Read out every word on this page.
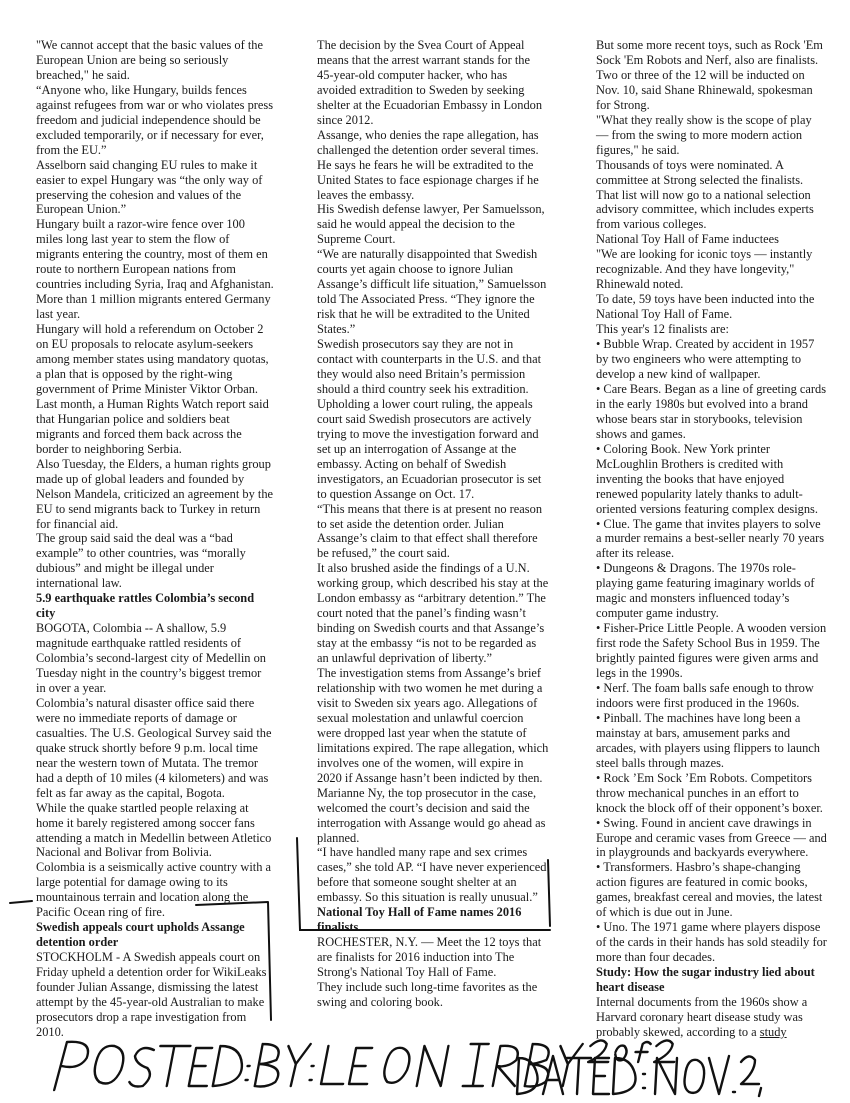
"We cannot accept that the basic values of the European Union are being so seriously breached," he said.

“Anyone who, like Hungary, builds fences against refugees from war or who violates press freedom and judicial independence should be excluded temporarily, or if necessary for ever, from the EU.”

Asselborn said changing EU rules to make it easier to expel Hungary was “the only way of preserving the cohesion and values of the European Union.”

Hungary built a razor-wire fence over 100 miles long last year to stem the flow of migrants entering the country, most of them en route to northern European nations from countries including Syria, Iraq and Afghanistan. More than 1 million migrants entered Germany last year.

Hungary will hold a referendum on October 2 on EU proposals to relocate asylum-seekers among member states using mandatory quotas, a plan that is opposed by the right-wing government of Prime Minister Viktor Orban.

Last month, a Human Rights Watch report said that Hungarian police and soldiers beat migrants and forced them back across the border to neighboring Serbia.

Also Tuesday, the Elders, a human rights group made up of global leaders and founded by Nelson Mandela, criticized an agreement by the EU to send migrants back to Turkey in return for financial aid.

The group said said the deal was a “bad example” to other countries, was “morally dubious” and might be illegal under international law.

5.9 earthquake rattles Colombia’s second city

BOGOTA, Colombia -- A shallow, 5.9 magnitude earthquake rattled residents of Colombia’s second-largest city of Medellin on Tuesday night in the country’s biggest tremor in over a year.

Colombia’s natural disaster office said there were no immediate reports of damage or casualties. The U.S. Geological Survey said the quake struck shortly before 9 p.m. local time near the western town of Mutata. The tremor had a depth of 10 miles (4 kilometers) and was felt as far away as the capital, Bogota.

While the quake startled people relaxing at home it barely registered among soccer fans attending a match in Medellin between Atletico Nacional and Bolivar from Bolivia.

Colombia is a seismically active country with a large potential for damage owing to its mountainous terrain and location along the Pacific Ocean ring of fire.

Swedish appeals court upholds Assange detention order

STOCKHOLM - A Swedish appeals court on Friday upheld a detention order for WikiLeaks founder Julian Assange, dismissing the latest attempt by the 45-year-old Australian to make prosecutors drop a rape investigation from 2010.

The decision by the Svea Court of Appeal means that the arrest warrant stands for the 45-year-old computer hacker, who has avoided extradition to Sweden by seeking shelter at the Ecuadorian Embassy in London since 2012.

Assange, who denies the rape allegation, has challenged the detention order several times. He says he fears he will be extradited to the United States to face espionage charges if he leaves the embassy.

His Swedish defense lawyer, Per Samuelsson, said he would appeal the decision to the Supreme Court.

“We are naturally disappointed that Swedish courts yet again choose to ignore Julian Assange’s difficult life situation,” Samuelsson told The Associated Press. “They ignore the risk that he will be extradited to the United States.”

Swedish prosecutors say they are not in contact with counterparts in the U.S. and that they would also need Britain’s permission should a third country seek his extradition.

Upholding a lower court ruling, the appeals court said Swedish prosecutors are actively trying to move the investigation forward and set up an interrogation of Assange at the embassy. Acting on behalf of Swedish investigators, an Ecuadorian prosecutor is set to question Assange on Oct. 17.

“This means that there is at present no reason to set aside the detention order. Julian Assange’s claim to that effect shall therefore be refused,” the court said.

It also brushed aside the findings of a U.N. working group, which described his stay at the London embassy as “arbitrary detention.” The court noted that the panel’s finding wasn’t binding on Swedish courts and that Assange’s stay at the embassy “is not to be regarded as an unlawful deprivation of liberty.”

The investigation stems from Assange’s brief relationship with two women he met during a visit to Sweden six years ago. Allegations of sexual molestation and unlawful coercion were dropped last year when the statute of limitations expired. The rape allegation, which involves one of the women, will expire in 2020 if Assange hasn’t been indicted by then.

Marianne Ny, the top prosecutor in the case, welcomed the court’s decision and said the interrogation with Assange would go ahead as planned.

“I have handled many rape and sex crimes cases,” she told AP. “I have never experienced before that someone sought shelter at an embassy. So this situation is really unusual.”

National Toy Hall of Fame names 2016 finalists

ROCHESTER, N.Y. — Meet the 12 toys that are finalists for 2016 induction into The Strong's National Toy Hall of Fame.

They include such long-time favorites as the swing and coloring book.

But some more recent toys, such as Rock 'Em Sock 'Em Robots and Nerf, also are finalists. Two or three of the 12 will be inducted on Nov. 10, said Shane Rhinewald, spokesman for Strong.

"What they really show is the scope of play — from the swing to more modern action figures," he said.

Thousands of toys were nominated. A committee at Strong selected the finalists. That list will now go to a national selection advisory committee, which includes experts from various colleges.

National Toy Hall of Fame inductees

"We are looking for iconic toys — instantly recognizable. And they have longevity," Rhinewald noted.

To date, 59 toys have been inducted into the National Toy Hall of Fame.

This year's 12 finalists are:

• Bubble Wrap. Created by accident in 1957 by two engineers who were attempting to develop a new kind of wallpaper.

• Care Bears. Began as a line of greeting cards in the early 1980s but evolved into a brand whose bears star in storybooks, television shows and games.

• Coloring Book. New York printer McLoughlin Brothers is credited with inventing the books that have enjoyed renewed popularity lately thanks to adult-oriented versions featuring complex designs.

• Clue. The game that invites players to solve a murder remains a best-seller nearly 70 years after its release.

• Dungeons & Dragons. The 1970s role-playing game featuring imaginary worlds of magic and monsters influenced today’s computer game industry.

• Fisher-Price Little People. A wooden version first rode the Safety School Bus in 1959. The brightly painted figures were given arms and legs in the 1990s.

• Nerf. The foam balls safe enough to throw indoors were first produced in the 1960s.

• Pinball. The machines have long been a mainstay at bars, amusement parks and arcades, with players using flippers to launch steel balls through mazes.

• Rock ’Em Sock ’Em Robots. Competitors throw mechanical punches in an effort to knock the block off of their opponent’s boxer.

• Swing. Found in ancient cave drawings in Europe and ceramic vases from Greece — and in playgrounds and backyards everywhere.

• Transformers. Hasbro’s shape-changing action figures are featured in comic books, games, breakfast cereal and movies, the latest of which is due out in June.

• Uno. The 1971 game where players dispose of the cards in their hands has sold steadily for more than four decades.

Study: How the sugar industry lied about heart disease

Internal documents from the 1960s show a Harvard coronary heart disease study was probably skewed, according to a study
